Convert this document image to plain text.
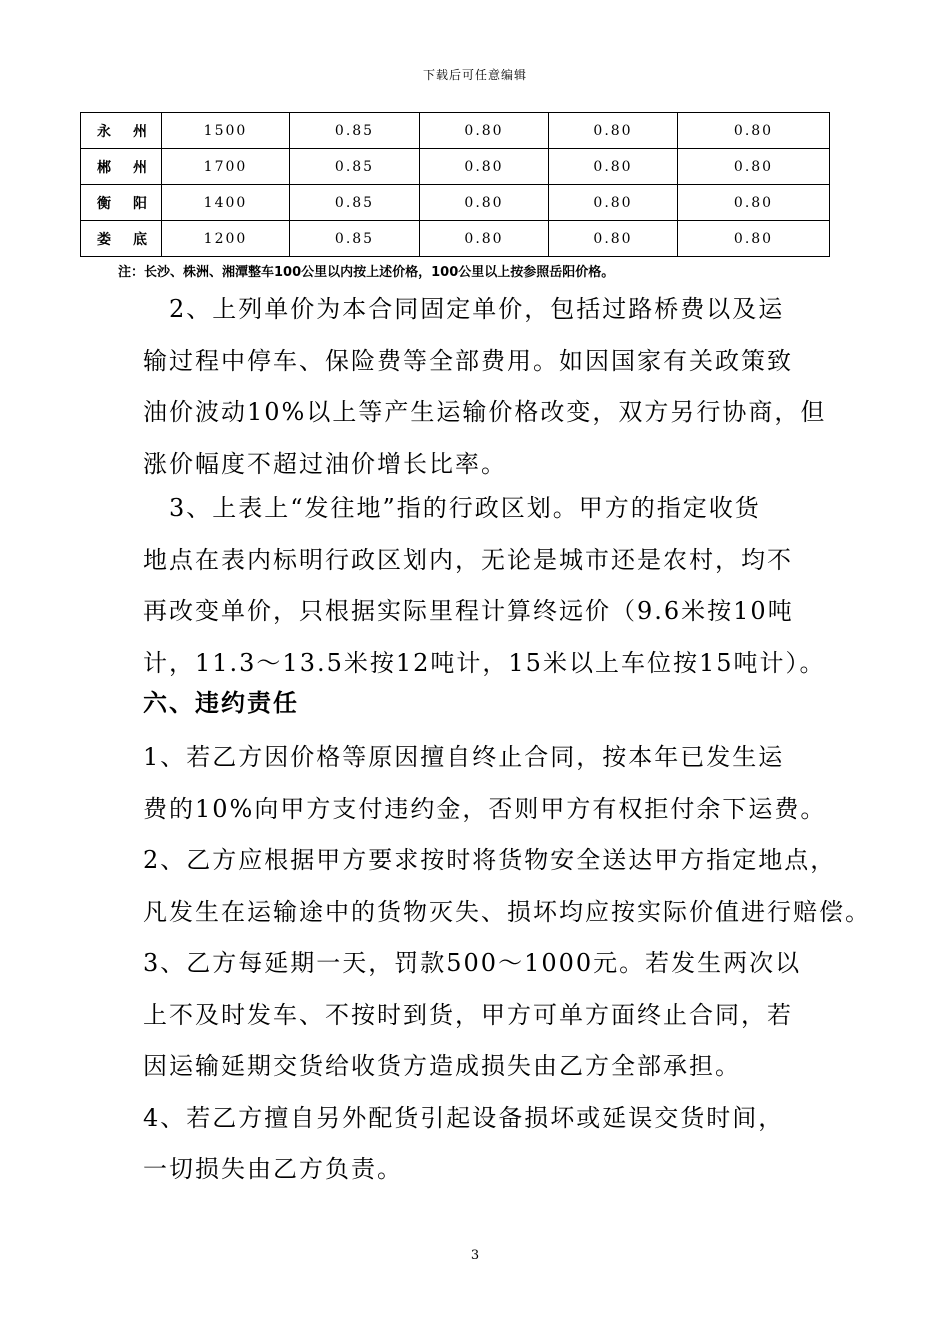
下载后可任意编辑
永 州	1500	0.85	0.80	0.80	0.80

郴 州	1700	0.85	0.80	0.80	0.80

衡 阳	1400	0.85	0.80	0.80	0.80

娄 底	1200	0.85	0.80	0.80	0.80
注：长沙、株洲、湘潭整车100公里以内按上述价格，100公里以上按参照岳阳价格。

　2、上列单价为本合同固定单价，包括过路桥费以及运

输过程中停车、保险费等全部费用。如因国家有关政策致

油价波动10%以上等产生运输价格改变，双方另行协商，但

涨价幅度不超过油价增长比率。

　3、上表上“发往地”指的行政区划。甲方的指定收货

地点在表内标明行政区划内，无论是城市还是农村，均不

再改变单价，只根据实际里程计算终远价（9.6米按10吨

计，11.3～13.5米按12吨计，15米以上车位按15吨计）。

六、违约责任

1、若乙方因价格等原因擅自终止合同，按本年已发生运

费的10%向甲方支付违约金，否则甲方有权拒付余下运费。

2、乙方应根据甲方要求按时将货物安全送达甲方指定地点，

凡发生在运输途中的货物灭失、损坏均应按实际价值进行赔偿。

3、乙方每延期一天，罚款500～1000元。若发生两次以

上不及时发车、不按时到货，甲方可单方面终止合同，若

因运输延期交货给收货方造成损失由乙方全部承担。

4、若乙方擅自另外配货引起设备损坏或延误交货时间，

一切损失由乙方负责。

3
